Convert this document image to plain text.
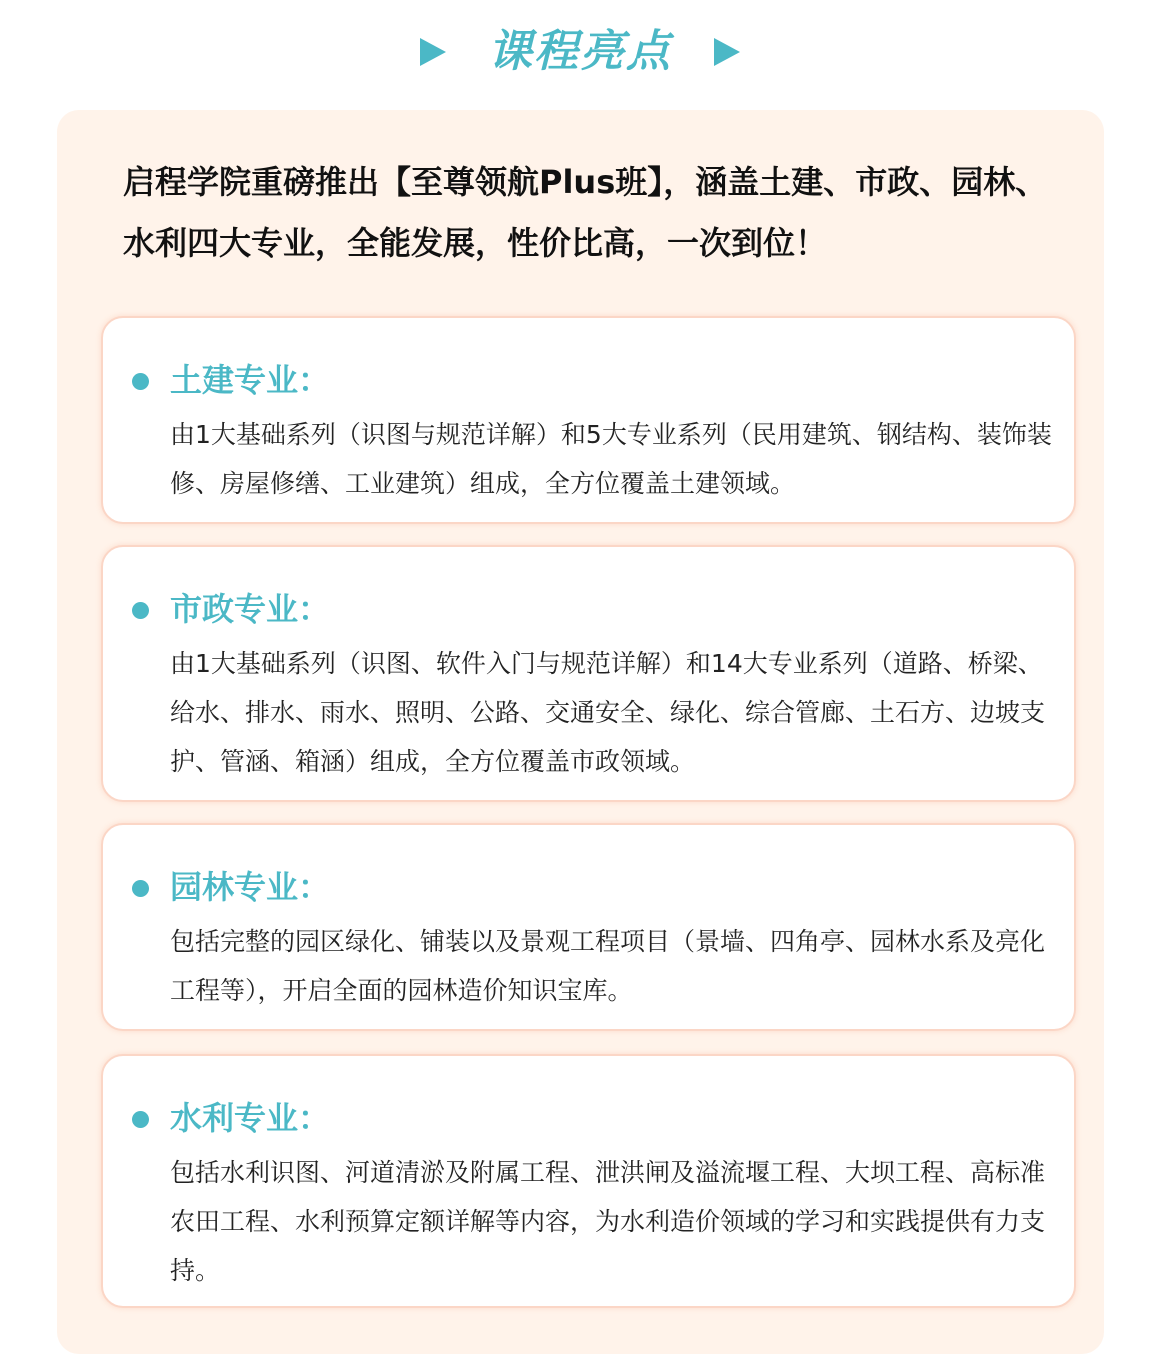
课程亮点
启程学院重磅推出【至尊领航Plus班】，涵盖土建、市政、园林、水利四大专业，全能发展，性价比高，一次到位！
土建专业：
由1大基础系列（识图与规范详解）和5大专业系列（民用建筑、钢结构、装饰装修、房屋修缮、工业建筑）组成，全方位覆盖土建领域。
市政专业：
由1大基础系列（识图、软件入门与规范详解）和14大专业系列（道路、桥梁、给水、排水、雨水、照明、公路、交通安全、绿化、综合管廊、土石方、边坡支护、管涵、箱涵）组成，全方位覆盖市政领域。
园林专业：
包括完整的园区绿化、铺装以及景观工程项目（景墙、四角亭、园林水系及亮化工程等），开启全面的园林造价知识宝库。
水利专业：
包括水利识图、河道清淤及附属工程、泄洪闸及溢流堰工程、大坝工程、高标准农田工程、水利预算定额详解等内容，为水利造价领域的学习和实践提供有力支持。
